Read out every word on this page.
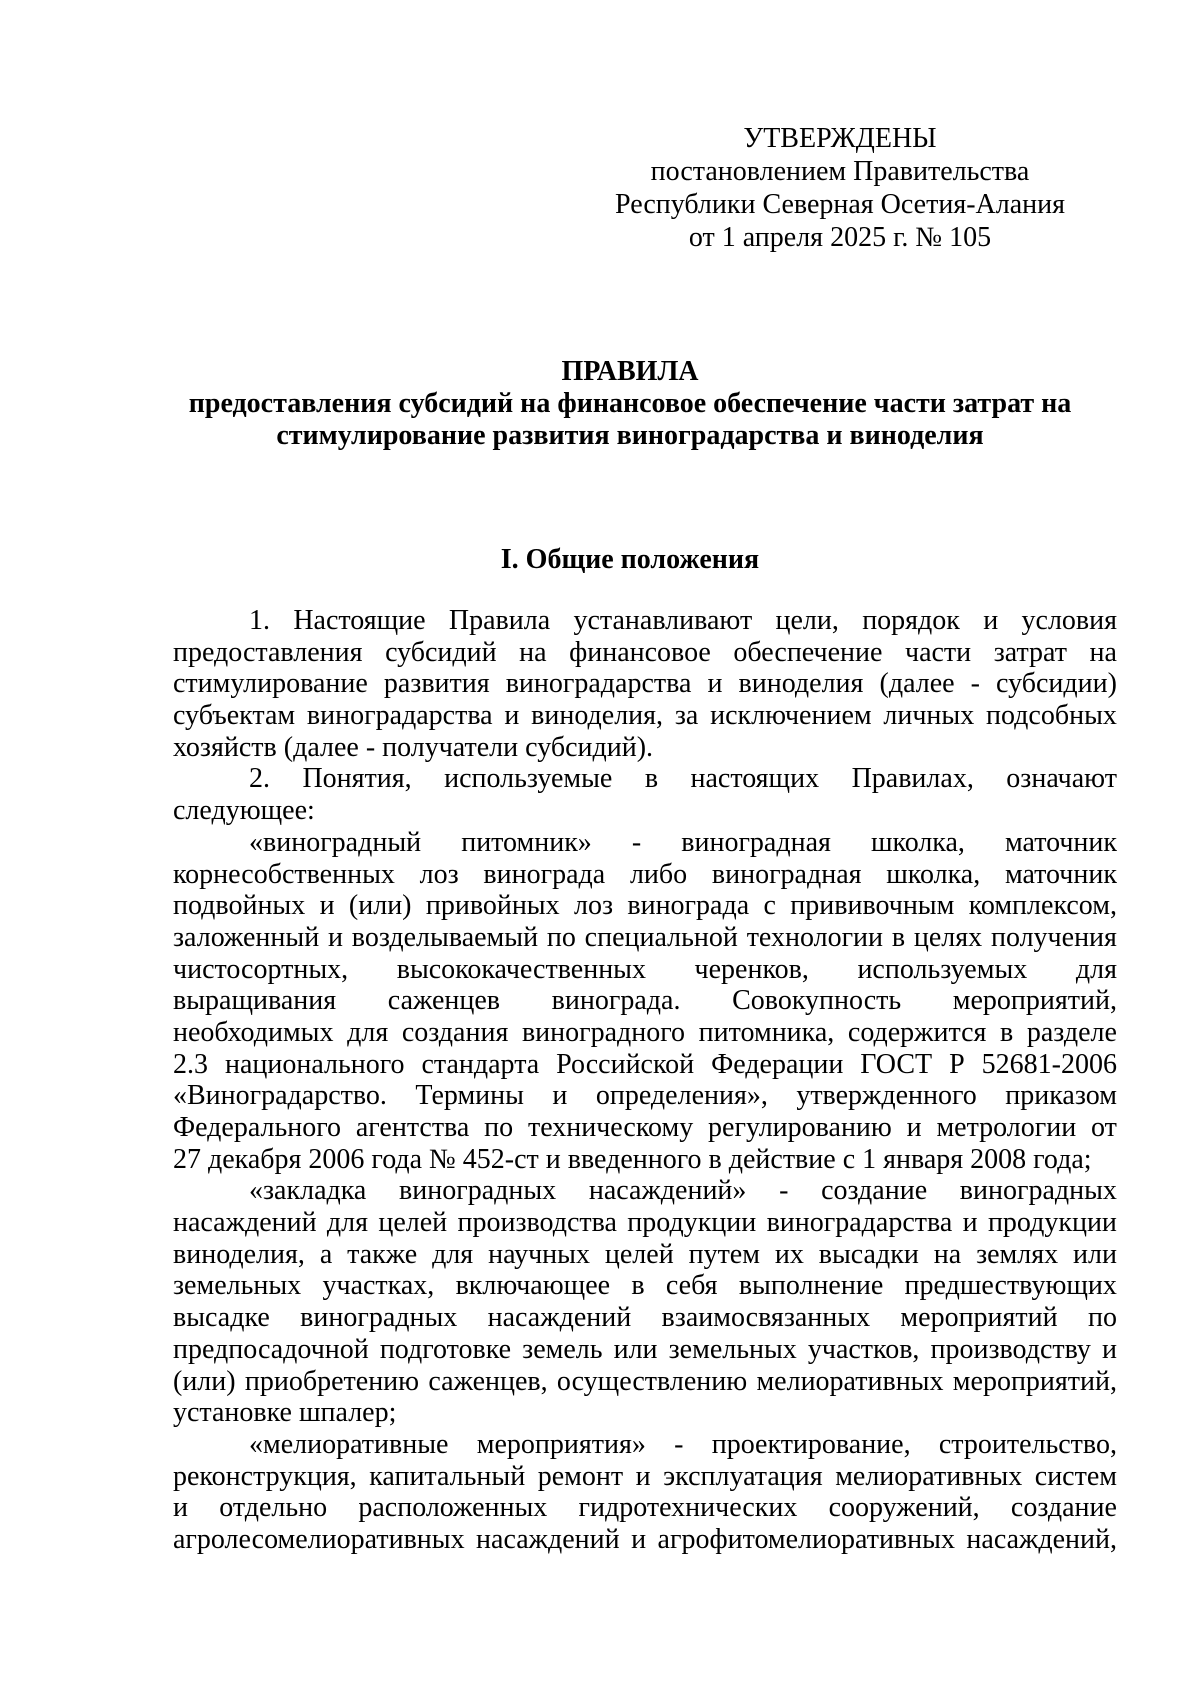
УТВЕРЖДЕНЫ
постановлением Правительства
Республики Северная Осетия-Алания
от 1 апреля 2025 г. № 105
ПРАВИЛА
предоставления субсидий на финансовое обеспечение части затрат на
стимулирование развития виноградарства и виноделия
I. Общие положения
1. Настоящие Правила устанавливают цели, порядок и условия
предоставления субсидий на финансовое обеспечение части затрат на
стимулирование развития виноградарства и виноделия (далее - субсидии)
субъектам виноградарства и виноделия, за исключением личных подсобных
хозяйств (далее - получатели субсидий).
2. Понятия, используемые в настоящих Правилах, означают
следующее:
«виноградный питомник» - виноградная школка, маточник
корнесобственных лоз винограда либо виноградная школка, маточник
подвойных и (или) привойных лоз винограда с прививочным комплексом,
заложенный и возделываемый по специальной технологии в целях получения
чистосортных, высококачественных черенков, используемых для
выращивания саженцев винограда. Совокупность мероприятий,
необходимых для создания виноградного питомника, содержится в разделе
2.3 национального стандарта Российской Федерации ГОСТ Р 52681-2006
«Виноградарство. Термины и определения», утвержденного приказом
Федерального агентства по техническому регулированию и метрологии от
27 декабря 2006 года № 452-ст и введенного в действие с 1 января 2008 года;
«закладка виноградных насаждений» - создание виноградных
насаждений для целей производства продукции виноградарства и продукции
виноделия, а также для научных целей путем их высадки на землях или
земельных участках, включающее в себя выполнение предшествующих
высадке виноградных насаждений взаимосвязанных мероприятий по
предпосадочной подготовке земель или земельных участков, производству и
(или) приобретению саженцев, осуществлению мелиоративных мероприятий,
установке шпалер;
«мелиоративные мероприятия» - проектирование, строительство,
реконструкция, капитальный ремонт и эксплуатация мелиоративных систем
и отдельно расположенных гидротехнических сооружений, создание
агролесомелиоративных насаждений и агрофитомелиоративных насаждений,
